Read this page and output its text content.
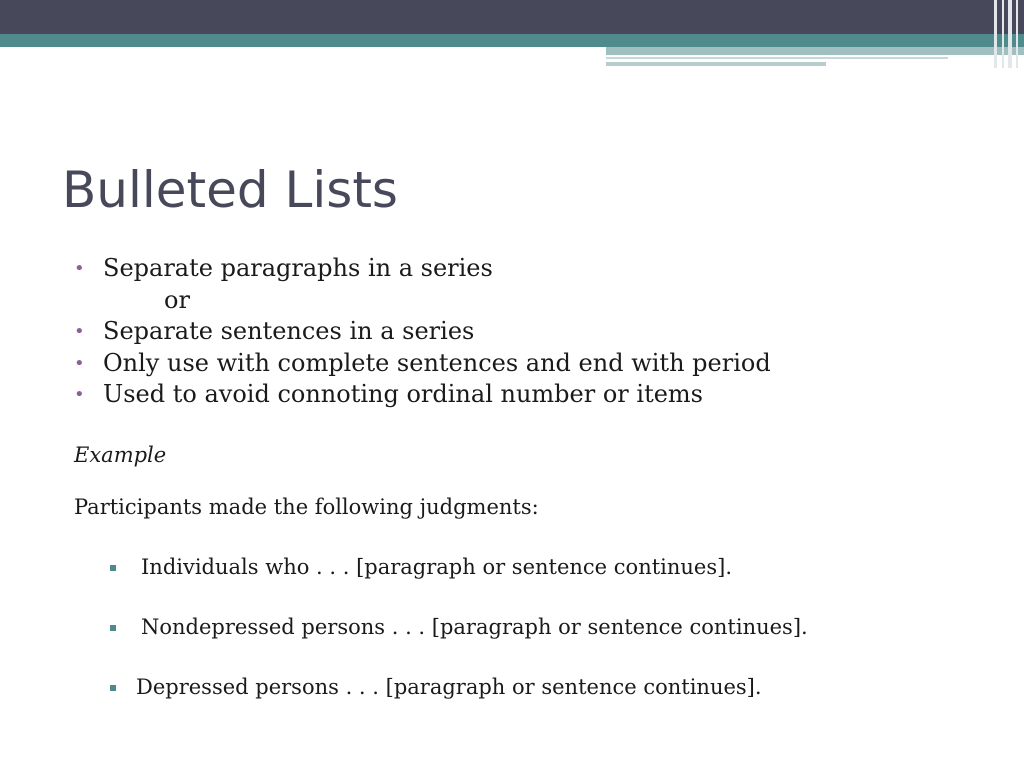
Bulleted Lists
• Separate paragraphs in a series
or
• Separate sentences in a series
• Only use with complete sentences and end with period
• Used to avoid connoting ordinal number or items
Example
Participants made the following judgments:
Individuals who . . . [paragraph or sentence continues].
Nondepressed persons . . . [paragraph or sentence continues].
Depressed persons . . . [paragraph or sentence continues].
